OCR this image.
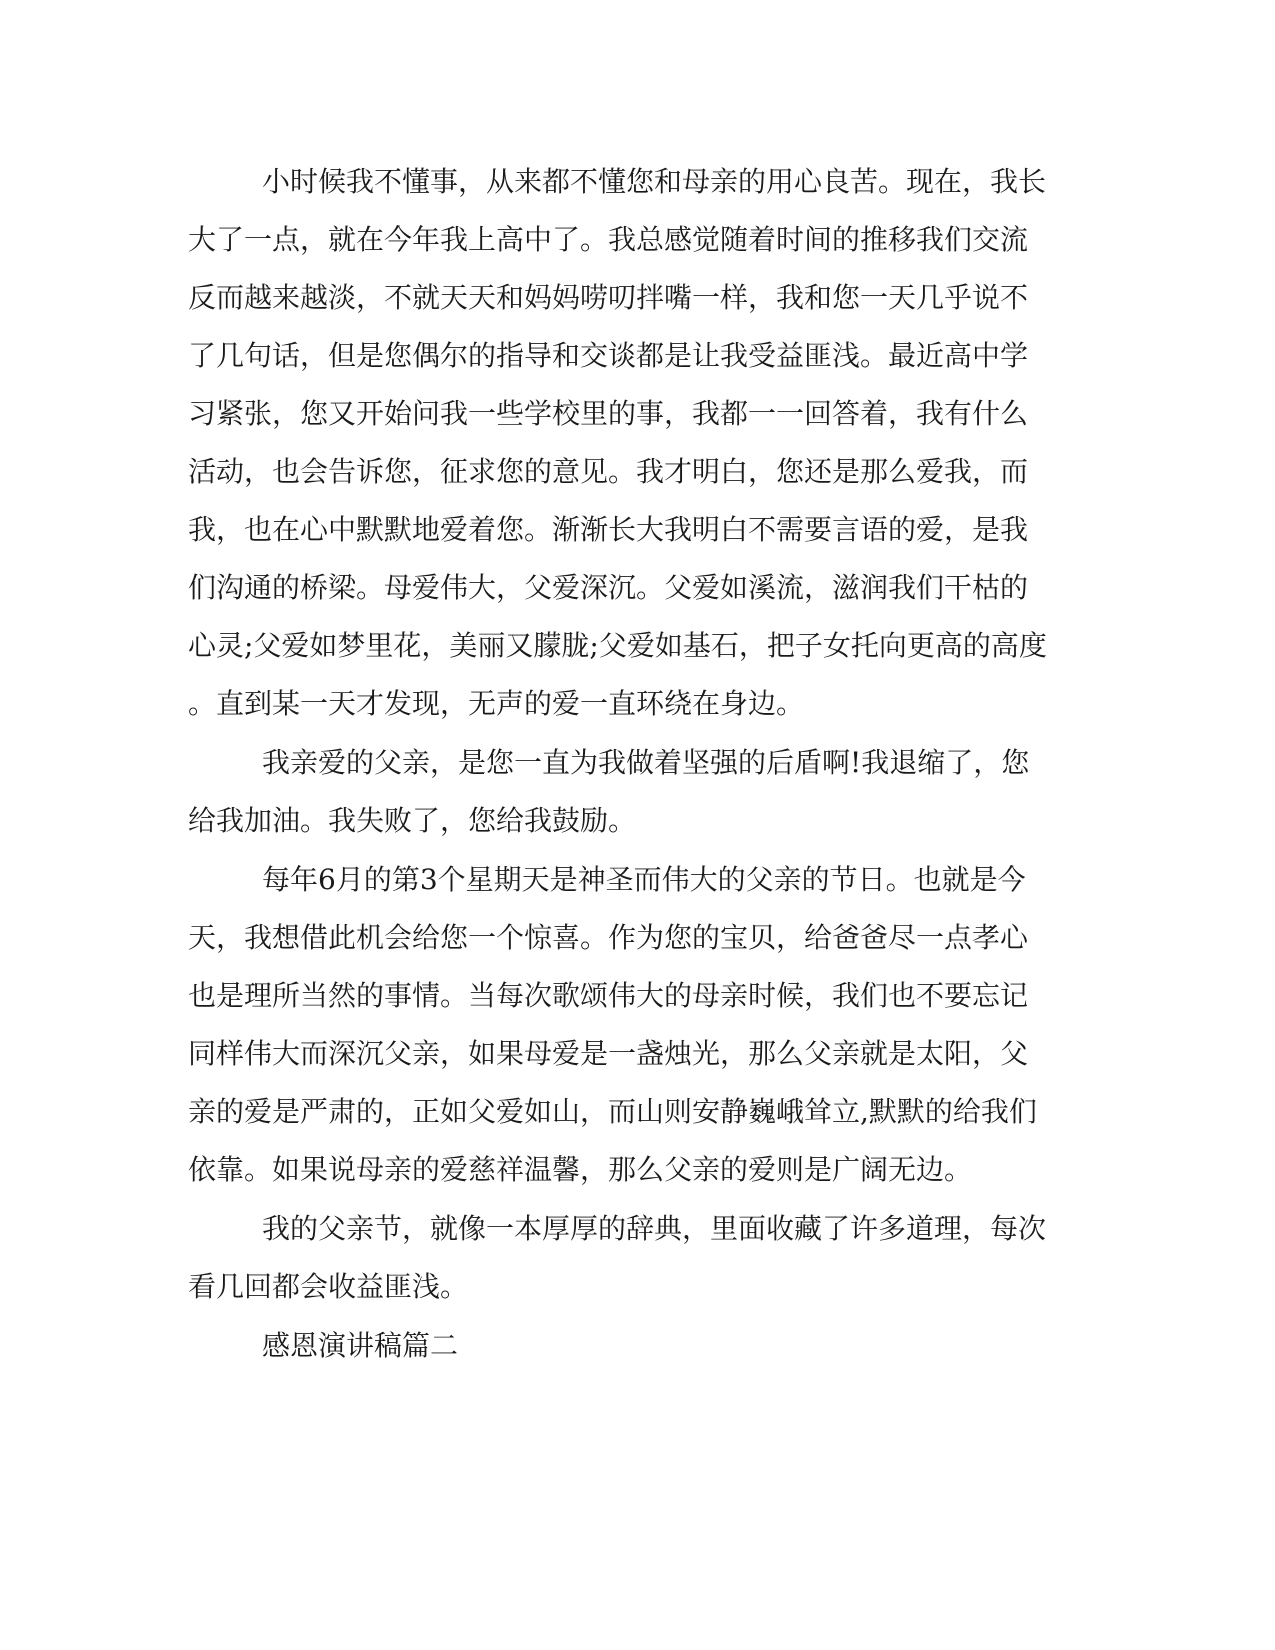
小时候我不懂事，从来都不懂您和母亲的用心良苦。现在，我长
大了一点，就在今年我上高中了。我总感觉随着时间的推移我们交流
反而越来越淡，不就天天和妈妈唠叨拌嘴一样，我和您一天几乎说不
了几句话，但是您偶尔的指导和交谈都是让我受益匪浅。最近高中学
习紧张，您又开始问我一些学校里的事，我都一一回答着，我有什么
活动，也会告诉您，征求您的意见。我才明白，您还是那么爱我，而
我，也在心中默默地爱着您。渐渐长大我明白不需要言语的爱，是我
们沟通的桥梁。母爱伟大，父爱深沉。父爱如溪流，滋润我们干枯的
心灵;父爱如梦里花，美丽又朦胧;父爱如基石，把子女托向更高的高度
。直到某一天才发现，无声的爱一直环绕在身边。
我亲爱的父亲，是您一直为我做着坚强的后盾啊!我退缩了，您
给我加油。我失败了，您给我鼓励。
每年6月的第3个星期天是神圣而伟大的父亲的节日。也就是今
天，我想借此机会给您一个惊喜。作为您的宝贝，给爸爸尽一点孝心
也是理所当然的事情。当每次歌颂伟大的母亲时候，我们也不要忘记
同样伟大而深沉父亲，如果母爱是一盏烛光，那么父亲就是太阳，父
亲的爱是严肃的，正如父爱如山，而山则安静巍峨耸立,默默的给我们
依靠。如果说母亲的爱慈祥温馨，那么父亲的爱则是广阔无边。
我的父亲节，就像一本厚厚的辞典，里面收藏了许多道理，每次
看几回都会收益匪浅。
感恩演讲稿篇二
